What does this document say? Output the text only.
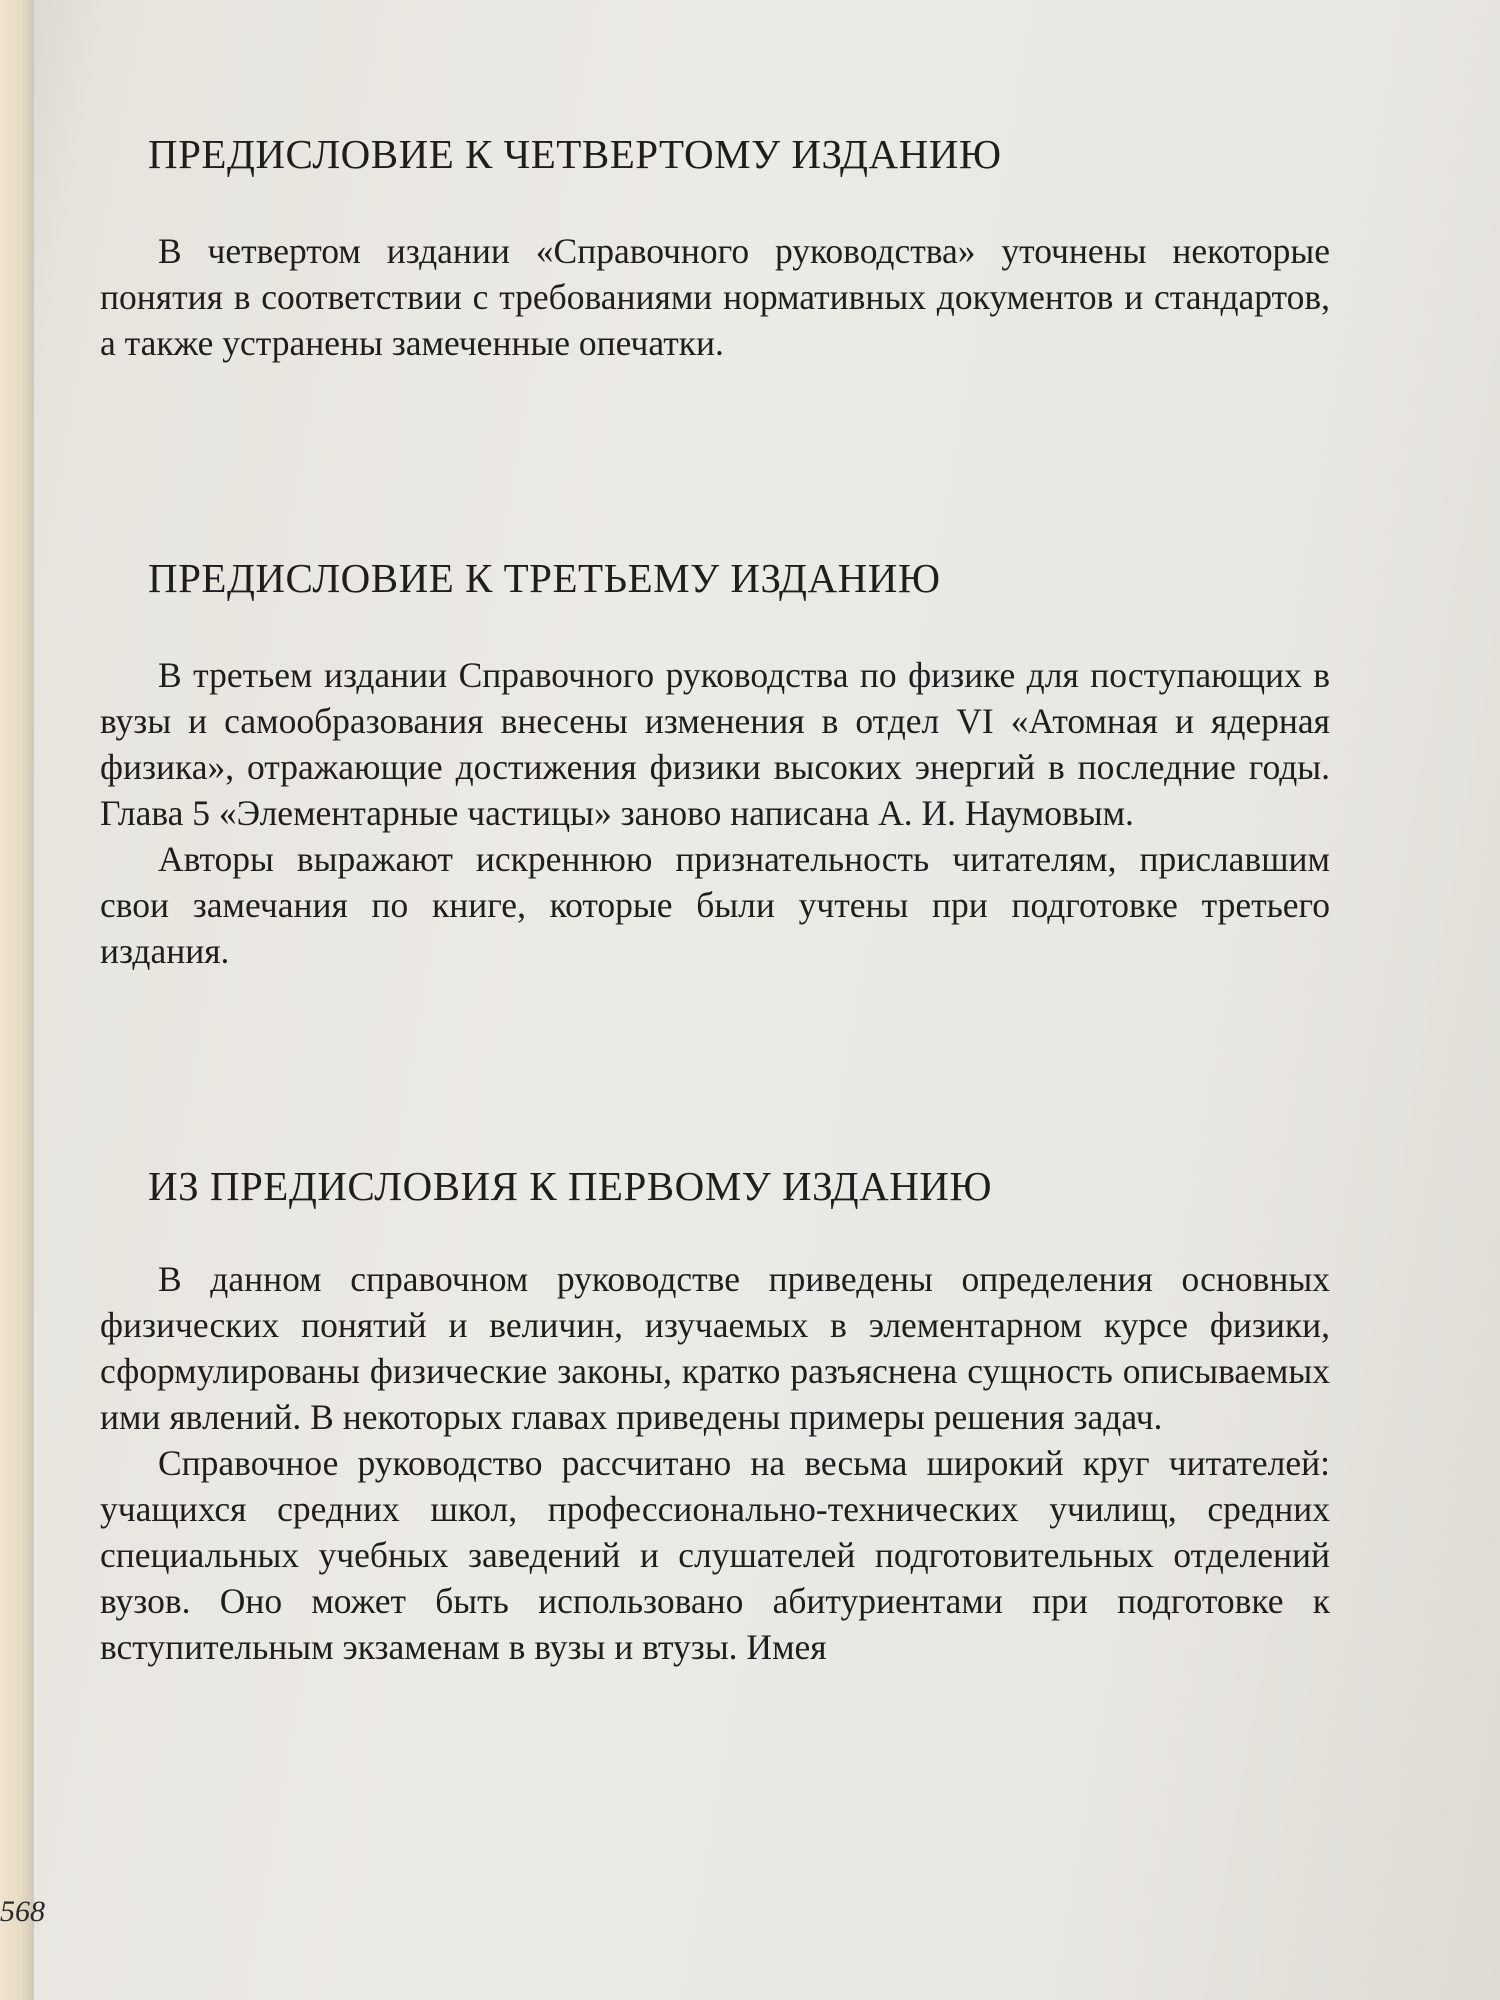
568
ПРЕДИСЛОВИЕ К ЧЕТВЕРТОМУ ИЗДАНИЮ

В четвертом издании «Справочного руководства» уточнены некоторые понятия в соответствии с требованиями нормативных документов и стандартов, а также устранены замеченные опечатки.

ПРЕДИСЛОВИЕ К ТРЕТЬЕМУ ИЗДАНИЮ

В третьем издании Справочного руководства по физике для поступающих в вузы и самообразования внесены изменения в отдел VI «Атомная и ядерная физика», отражающие достижения физики высоких энергий в последние годы. Глава 5 «Элементарные частицы» заново написана А. И. Наумовым.

Авторы выражают искреннюю признательность читателям, приславшим свои замечания по книге, которые были учтены при подготовке третьего издания.

ИЗ ПРЕДИСЛОВИЯ К ПЕРВОМУ ИЗДАНИЮ

В данном справочном руководстве приведены определения основных физических понятий и величин, изучаемых в элементарном курсе физики, сформулированы физические законы, кратко разъяснена сущность описываемых ими явлений. В некоторых главах приведены примеры решения задач.

Справочное руководство рассчитано на весьма широкий круг читателей: учащихся средних школ, профессионально-технических училищ, средних специальных учебных заведений и слушателей подготовительных отделений вузов. Оно может быть использовано абитуриентами при подготовке к вступительным экзаменам в вузы и втузы. Имея
